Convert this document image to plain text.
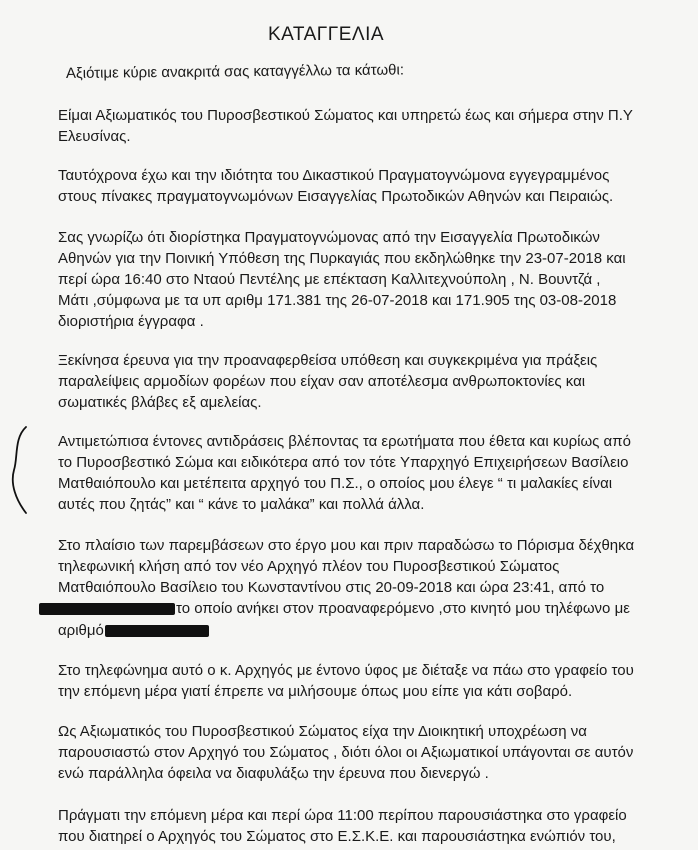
ΚΑΤΑΓΓΕΛΙΑ
Αξιότιμε κύριε ανακριτά σας καταγγέλλω τα κάτωθι:
Είμαι Αξιωματικός του Πυροσβεστικού Σώματος και υπηρετώ έως και σήμερα στην Π.Υ
Ελευσίνας.
Ταυτόχρονα έχω και την ιδιότητα του Δικαστικού Πραγματογνώμονα εγγεγραμμένος
στους πίνακες πραγματογνωμόνων Εισαγγελίας Πρωτοδικών Αθηνών και Πειραιώς.
Σας γνωρίζω ότι διορίστηκα Πραγματογνώμονας από την Εισαγγελία Πρωτοδικών
Αθηνών για την Ποινική Υπόθεση της Πυρκαγιάς που εκδηλώθηκε την 23-07-2018 και
περί ώρα 16:40 στο Νταού Πεντέλης με επέκταση Καλλιτεχνούπολη , Ν. Βουντζά ,
Μάτι ,σύμφωνα με τα υπ αριθμ 171.381 της 26-07-2018 και 171.905 της 03-08-2018
διοριστήρια έγγραφα .
Ξεκίνησα έρευνα για την προαναφερθείσα υπόθεση και συγκεκριμένα για πράξεις
παραλείψεις αρμοδίων φορέων που είχαν σαν αποτέλεσμα ανθρωποκτονίες και
σωματικές βλάβες εξ αμελείας.
Αντιμετώπισα έντονες αντιδράσεις βλέποντας τα ερωτήματα που έθετα και κυρίως από
το Πυροσβεστικό Σώμα και ειδικότερα από τον τότε Υπαρχηγό Επιχειρήσεων Βασίλειο
Ματθαιόπουλο και μετέπειτα αρχηγό του Π.Σ., ο οποίος μου έλεγε “ τι μαλακίες είναι
αυτές που ζητάς” και “ κάνε το μαλάκα” και πολλά άλλα.
Στο πλαίσιο των παρεμβάσεων στο έργο μου και πριν παραδώσω το Πόρισμα δέχθηκα
τηλεφωνική κλήση από τον νέο Αρχηγό πλέον του Πυροσβεστικού Σώματος
Ματθαιόπουλο Βασίλειο του Κωνσταντίνου στις 20-09-2018 και ώρα 23:41, από το
το οποίο ανήκει στον προαναφερόμενο ,στο κινητό μου τηλέφωνο με
αριθμό
Στο τηλεφώνημα αυτό ο κ. Αρχηγός με έντονο ύφος με διέταξε να πάω στο γραφείο του
την επόμενη μέρα γιατί έπρεπε να μιλήσουμε όπως μου είπε για κάτι σοβαρό.
Ως Αξιωματικός του Πυροσβεστικού Σώματος είχα την Διοικητική υποχρέωση να
παρουσιαστώ στον Αρχηγό του Σώματος , διότι όλοι οι Αξιωματικοί υπάγονται σε αυτόν
ενώ παράλληλα όφειλα να διαφυλάξω την έρευνα που διενεργώ .
Πράγματι την επόμενη μέρα και περί ώρα 11:00 περίπου παρουσιάστηκα στο γραφείο
που διατηρεί ο Αρχηγός του Σώματος στο Ε.Σ.Κ.Ε. και παρουσιάστηκα ενώπιόν του,
